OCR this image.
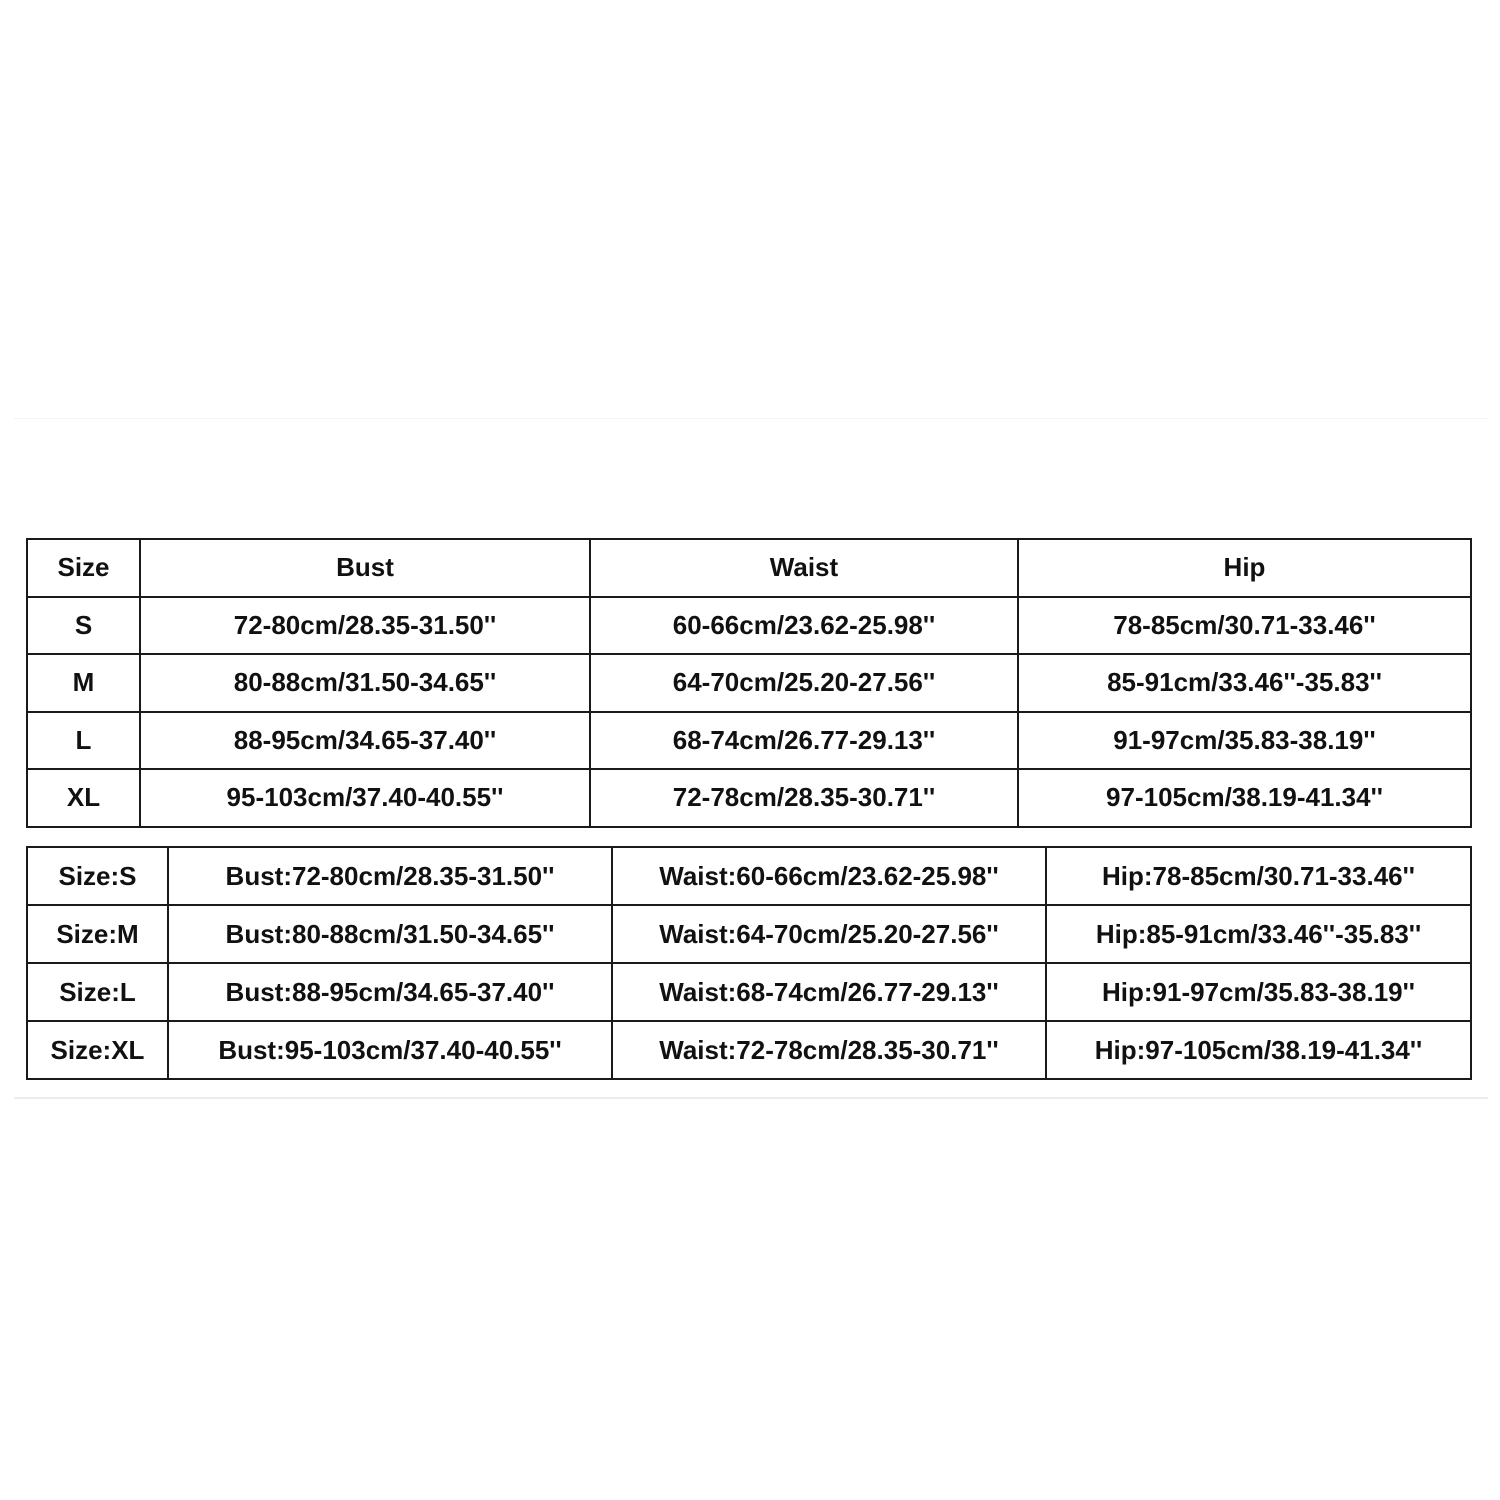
Size	Bust	Waist	Hip
S	72-80cm/28.35-31.50''	60-66cm/23.62-25.98''	78-85cm/30.71-33.46''
M	80-88cm/31.50-34.65''	64-70cm/25.20-27.56''	85-91cm/33.46''-35.83''
L	88-95cm/34.65-37.40''	68-74cm/26.77-29.13''	91-97cm/35.83-38.19''
XL	95-103cm/37.40-40.55''	72-78cm/28.35-30.71''	97-105cm/38.19-41.34''
Size:S	Bust:72-80cm/28.35-31.50''	Waist:60-66cm/23.62-25.98''	Hip:78-85cm/30.71-33.46''
Size:M	Bust:80-88cm/31.50-34.65''	Waist:64-70cm/25.20-27.56''	Hip:85-91cm/33.46''-35.83''
Size:L	Bust:88-95cm/34.65-37.40''	Waist:68-74cm/26.77-29.13''	Hip:91-97cm/35.83-38.19''
Size:XL	Bust:95-103cm/37.40-40.55''	Waist:72-78cm/28.35-30.71''	Hip:97-105cm/38.19-41.34''
